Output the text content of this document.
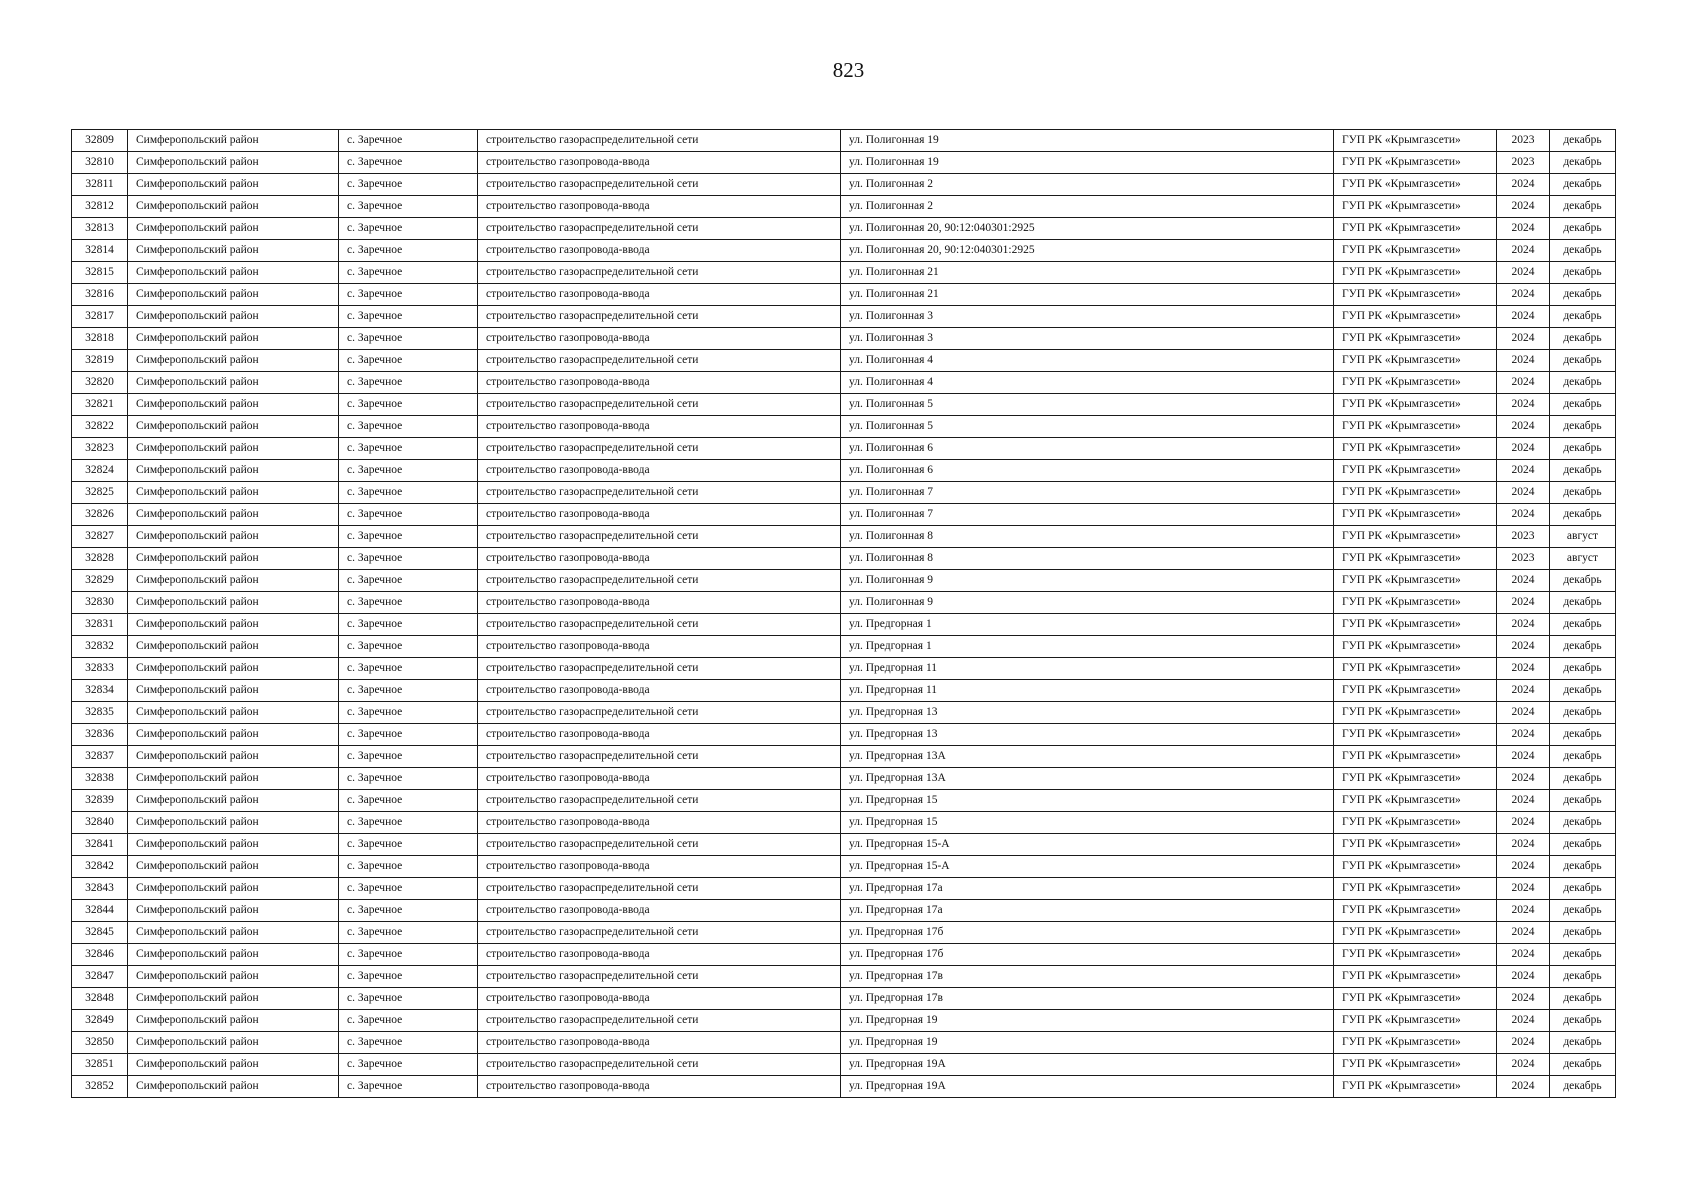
823
32809	Симферопольский район	с. Заречное	строительство газораспределительной сети	ул. Полигонная 19	ГУП РК «Крымгазсети»	2023	декабрь
32810	Симферопольский район	с. Заречное	строительство газопровода-ввода	ул. Полигонная 19	ГУП РК «Крымгазсети»	2023	декабрь
32811	Симферопольский район	с. Заречное	строительство газораспределительной сети	ул. Полигонная 2	ГУП РК «Крымгазсети»	2024	декабрь
32812	Симферопольский район	с. Заречное	строительство газопровода-ввода	ул. Полигонная 2	ГУП РК «Крымгазсети»	2024	декабрь
32813	Симферопольский район	с. Заречное	строительство газораспределительной сети	ул. Полигонная 20, 90:12:040301:2925	ГУП РК «Крымгазсети»	2024	декабрь
32814	Симферопольский район	с. Заречное	строительство газопровода-ввода	ул. Полигонная 20, 90:12:040301:2925	ГУП РК «Крымгазсети»	2024	декабрь
32815	Симферопольский район	с. Заречное	строительство газораспределительной сети	ул. Полигонная 21	ГУП РК «Крымгазсети»	2024	декабрь
32816	Симферопольский район	с. Заречное	строительство газопровода-ввода	ул. Полигонная 21	ГУП РК «Крымгазсети»	2024	декабрь
32817	Симферопольский район	с. Заречное	строительство газораспределительной сети	ул. Полигонная 3	ГУП РК «Крымгазсети»	2024	декабрь
32818	Симферопольский район	с. Заречное	строительство газопровода-ввода	ул. Полигонная 3	ГУП РК «Крымгазсети»	2024	декабрь
32819	Симферопольский район	с. Заречное	строительство газораспределительной сети	ул. Полигонная 4	ГУП РК «Крымгазсети»	2024	декабрь
32820	Симферопольский район	с. Заречное	строительство газопровода-ввода	ул. Полигонная 4	ГУП РК «Крымгазсети»	2024	декабрь
32821	Симферопольский район	с. Заречное	строительство газораспределительной сети	ул. Полигонная 5	ГУП РК «Крымгазсети»	2024	декабрь
32822	Симферопольский район	с. Заречное	строительство газопровода-ввода	ул. Полигонная 5	ГУП РК «Крымгазсети»	2024	декабрь
32823	Симферопольский район	с. Заречное	строительство газораспределительной сети	ул. Полигонная 6	ГУП РК «Крымгазсети»	2024	декабрь
32824	Симферопольский район	с. Заречное	строительство газопровода-ввода	ул. Полигонная 6	ГУП РК «Крымгазсети»	2024	декабрь
32825	Симферопольский район	с. Заречное	строительство газораспределительной сети	ул. Полигонная 7	ГУП РК «Крымгазсети»	2024	декабрь
32826	Симферопольский район	с. Заречное	строительство газопровода-ввода	ул. Полигонная 7	ГУП РК «Крымгазсети»	2024	декабрь
32827	Симферопольский район	с. Заречное	строительство газораспределительной сети	ул. Полигонная 8	ГУП РК «Крымгазсети»	2023	август
32828	Симферопольский район	с. Заречное	строительство газопровода-ввода	ул. Полигонная 8	ГУП РК «Крымгазсети»	2023	август
32829	Симферопольский район	с. Заречное	строительство газораспределительной сети	ул. Полигонная 9	ГУП РК «Крымгазсети»	2024	декабрь
32830	Симферопольский район	с. Заречное	строительство газопровода-ввода	ул. Полигонная 9	ГУП РК «Крымгазсети»	2024	декабрь
32831	Симферопольский район	с. Заречное	строительство газораспределительной сети	ул. Предгорная 1	ГУП РК «Крымгазсети»	2024	декабрь
32832	Симферопольский район	с. Заречное	строительство газопровода-ввода	ул. Предгорная 1	ГУП РК «Крымгазсети»	2024	декабрь
32833	Симферопольский район	с. Заречное	строительство газораспределительной сети	ул. Предгорная 11	ГУП РК «Крымгазсети»	2024	декабрь
32834	Симферопольский район	с. Заречное	строительство газопровода-ввода	ул. Предгорная 11	ГУП РК «Крымгазсети»	2024	декабрь
32835	Симферопольский район	с. Заречное	строительство газораспределительной сети	ул. Предгорная 13	ГУП РК «Крымгазсети»	2024	декабрь
32836	Симферопольский район	с. Заречное	строительство газопровода-ввода	ул. Предгорная 13	ГУП РК «Крымгазсети»	2024	декабрь
32837	Симферопольский район	с. Заречное	строительство газораспределительной сети	ул. Предгорная 13А	ГУП РК «Крымгазсети»	2024	декабрь
32838	Симферопольский район	с. Заречное	строительство газопровода-ввода	ул. Предгорная 13А	ГУП РК «Крымгазсети»	2024	декабрь
32839	Симферопольский район	с. Заречное	строительство газораспределительной сети	ул. Предгорная 15	ГУП РК «Крымгазсети»	2024	декабрь
32840	Симферопольский район	с. Заречное	строительство газопровода-ввода	ул. Предгорная 15	ГУП РК «Крымгазсети»	2024	декабрь
32841	Симферопольский район	с. Заречное	строительство газораспределительной сети	ул. Предгорная 15-А	ГУП РК «Крымгазсети»	2024	декабрь
32842	Симферопольский район	с. Заречное	строительство газопровода-ввода	ул. Предгорная 15-А	ГУП РК «Крымгазсети»	2024	декабрь
32843	Симферопольский район	с. Заречное	строительство газораспределительной сети	ул. Предгорная 17а	ГУП РК «Крымгазсети»	2024	декабрь
32844	Симферопольский район	с. Заречное	строительство газопровода-ввода	ул. Предгорная 17а	ГУП РК «Крымгазсети»	2024	декабрь
32845	Симферопольский район	с. Заречное	строительство газораспределительной сети	ул. Предгорная 17б	ГУП РК «Крымгазсети»	2024	декабрь
32846	Симферопольский район	с. Заречное	строительство газопровода-ввода	ул. Предгорная 17б	ГУП РК «Крымгазсети»	2024	декабрь
32847	Симферопольский район	с. Заречное	строительство газораспределительной сети	ул. Предгорная 17в	ГУП РК «Крымгазсети»	2024	декабрь
32848	Симферопольский район	с. Заречное	строительство газопровода-ввода	ул. Предгорная 17в	ГУП РК «Крымгазсети»	2024	декабрь
32849	Симферопольский район	с. Заречное	строительство газораспределительной сети	ул. Предгорная 19	ГУП РК «Крымгазсети»	2024	декабрь
32850	Симферопольский район	с. Заречное	строительство газопровода-ввода	ул. Предгорная 19	ГУП РК «Крымгазсети»	2024	декабрь
32851	Симферопольский район	с. Заречное	строительство газораспределительной сети	ул. Предгорная 19А	ГУП РК «Крымгазсети»	2024	декабрь
32852	Симферопольский район	с. Заречное	строительство газопровода-ввода	ул. Предгорная 19А	ГУП РК «Крымгазсети»	2024	декабрь
